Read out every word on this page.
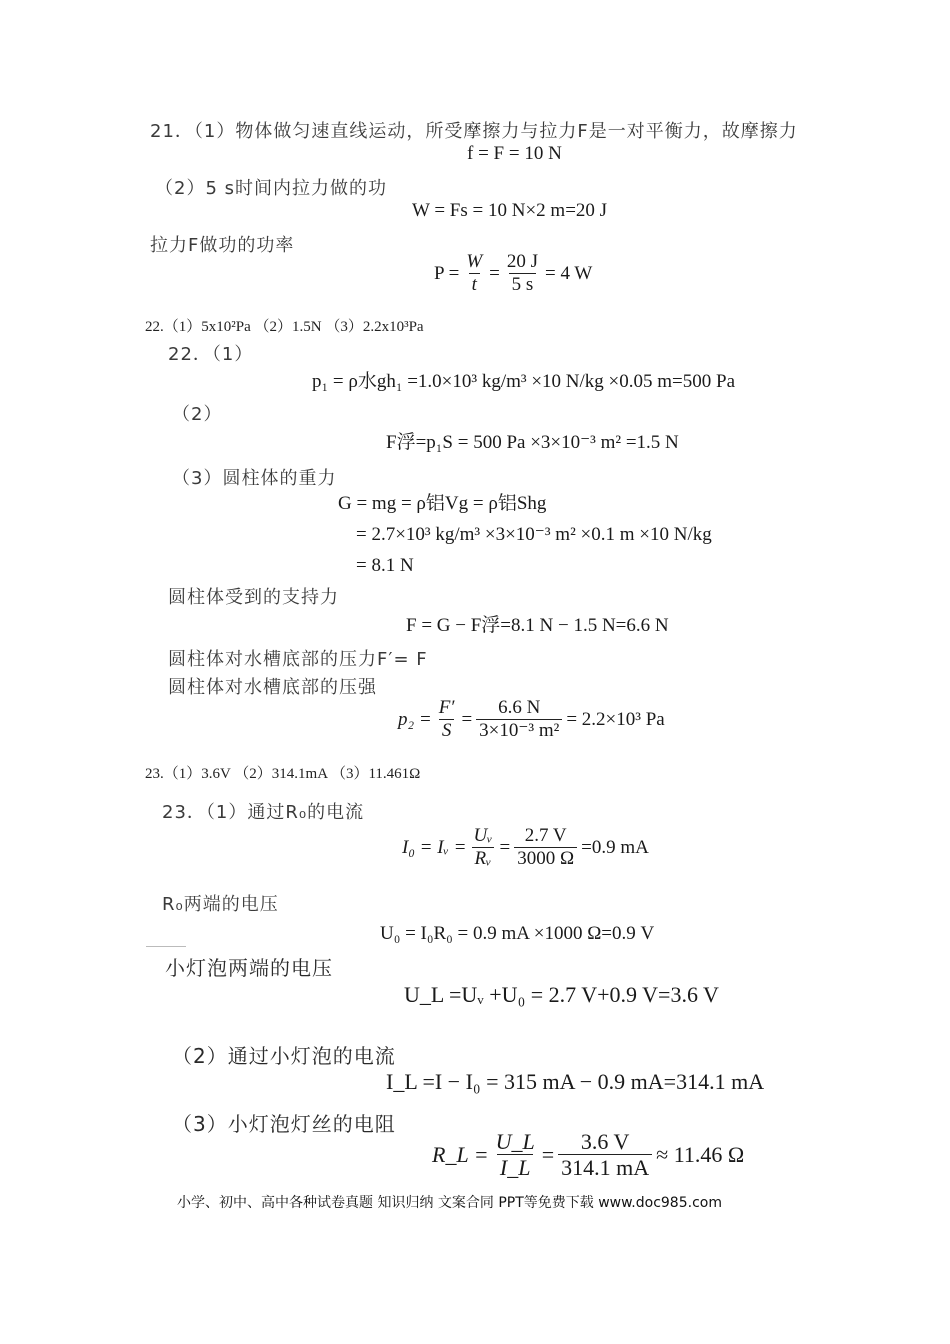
21．（1）物体做匀速直线运动，所受摩擦力与拉力F是一对平衡力，故摩擦力
f = F = 10 N
（2）5 s时间内拉力做的功
W = Fs = 10 N×2 m=20 J
拉力F做功的功率
$P = \frac{W}{t} = \frac{20 J}{5 s} = 4$ W
22.（1）5x10²Pa （2）1.5N （3）2.2x10³Pa
22．（1）
p₁ = ρ水gh₁ =1.0×10³ kg/m³ ×10 N/kg ×0.05 m=500 Pa
（2）
F浮=p₁S = 500 Pa ×3×10⁻³ m² =1.5 N
（3）圆柱体的重力
G = mg = ρ铝Vg = ρ铝Shg
= 2.7×10³ kg/m³ ×3×10⁻³ m² ×0.1 m ×10 N/kg
= 8.1 N
圆柱体受到的支持力
F = G − F浮=8.1 N − 1.5 N=6.6 N
圆柱体对水槽底部的压力F′= F
圆柱体对水槽底部的压强
$p_2 = \frac{F'}{S} = \frac{6.6 N}{\text{3×10⁻³ m²}} = 2.2\times 10^3$ Pa
23.（1）3.6V （2）314.1mA （3）11.461Ω
23．（1）通过R₀的电流
I₀ = Iᵥ = $\frac{\text{Uᵥ}}{\text{Rᵥ}} = \frac{2.7 V}{3000 \Omega} =0.9$ mA
R₀两端的电压
U₀ = I₀R₀ = 0.9 mA ×1000 Ω=0.9 V
小灯泡两端的电压
U_L =Uᵥ +U₀ = 2.7 V+0.9 V=3.6 V
（2）通过小灯泡的电流
I_L =I − I₀ = 315 mA − 0.9 mA=314.1 mA
（3）小灯泡灯丝的电阻
R_L = $\frac{U\_L}{I\_L} = \frac{3.6 V}{314.1 mA} \approx 11.46$ Ω
小学、初中、高中各种试卷真题 知识归纳 文案合同 PPT等免费下载 www.doc985.com
